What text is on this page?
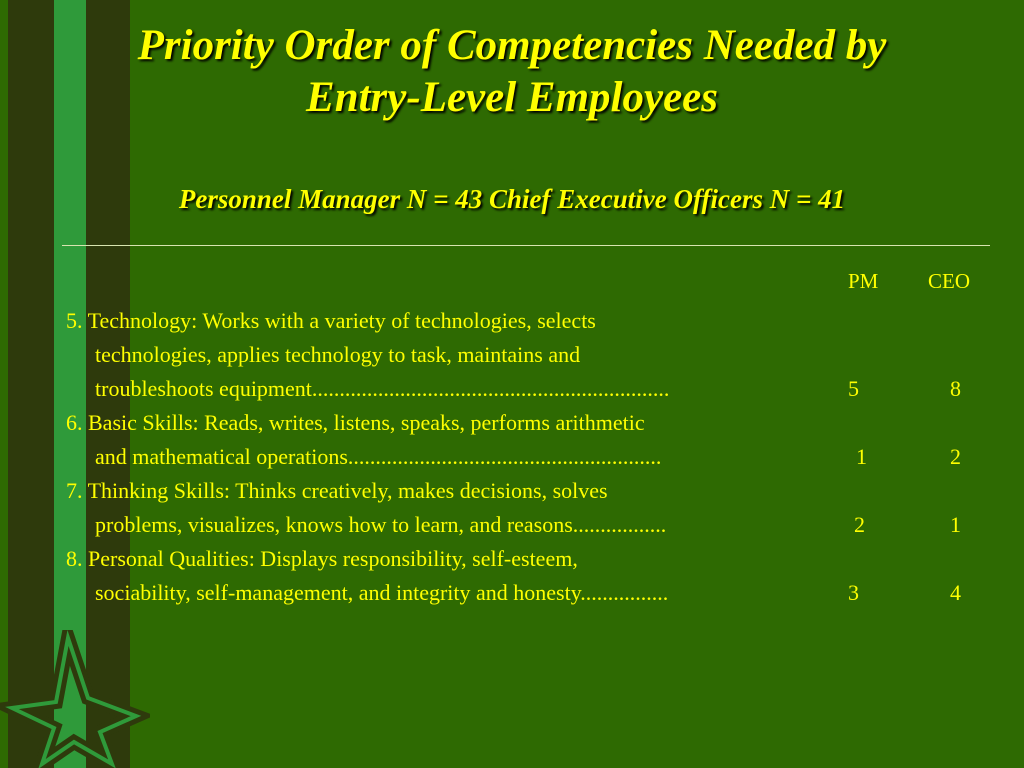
Priority Order of Competencies Needed by
Entry-Level Employees
Personnel Manager N = 43 Chief Executive Officers N = 41
PM CEO
5. Technology: Works with a variety of technologies, selects
technologies, applies technology to task, maintains and
troubleshoots equipment.................................................................	5	8
6. Basic Skills: Reads, writes, listens, speaks, performs arithmetic
and mathematical operations.........................................................	1	2
7. Thinking Skills: Thinks creatively, makes decisions, solves
problems, visualizes, knows how to learn, and reasons.................	2	1
8. Personal Qualities: Displays responsibility, self-esteem,
sociability, self-management, and integrity and honesty................	3	4
